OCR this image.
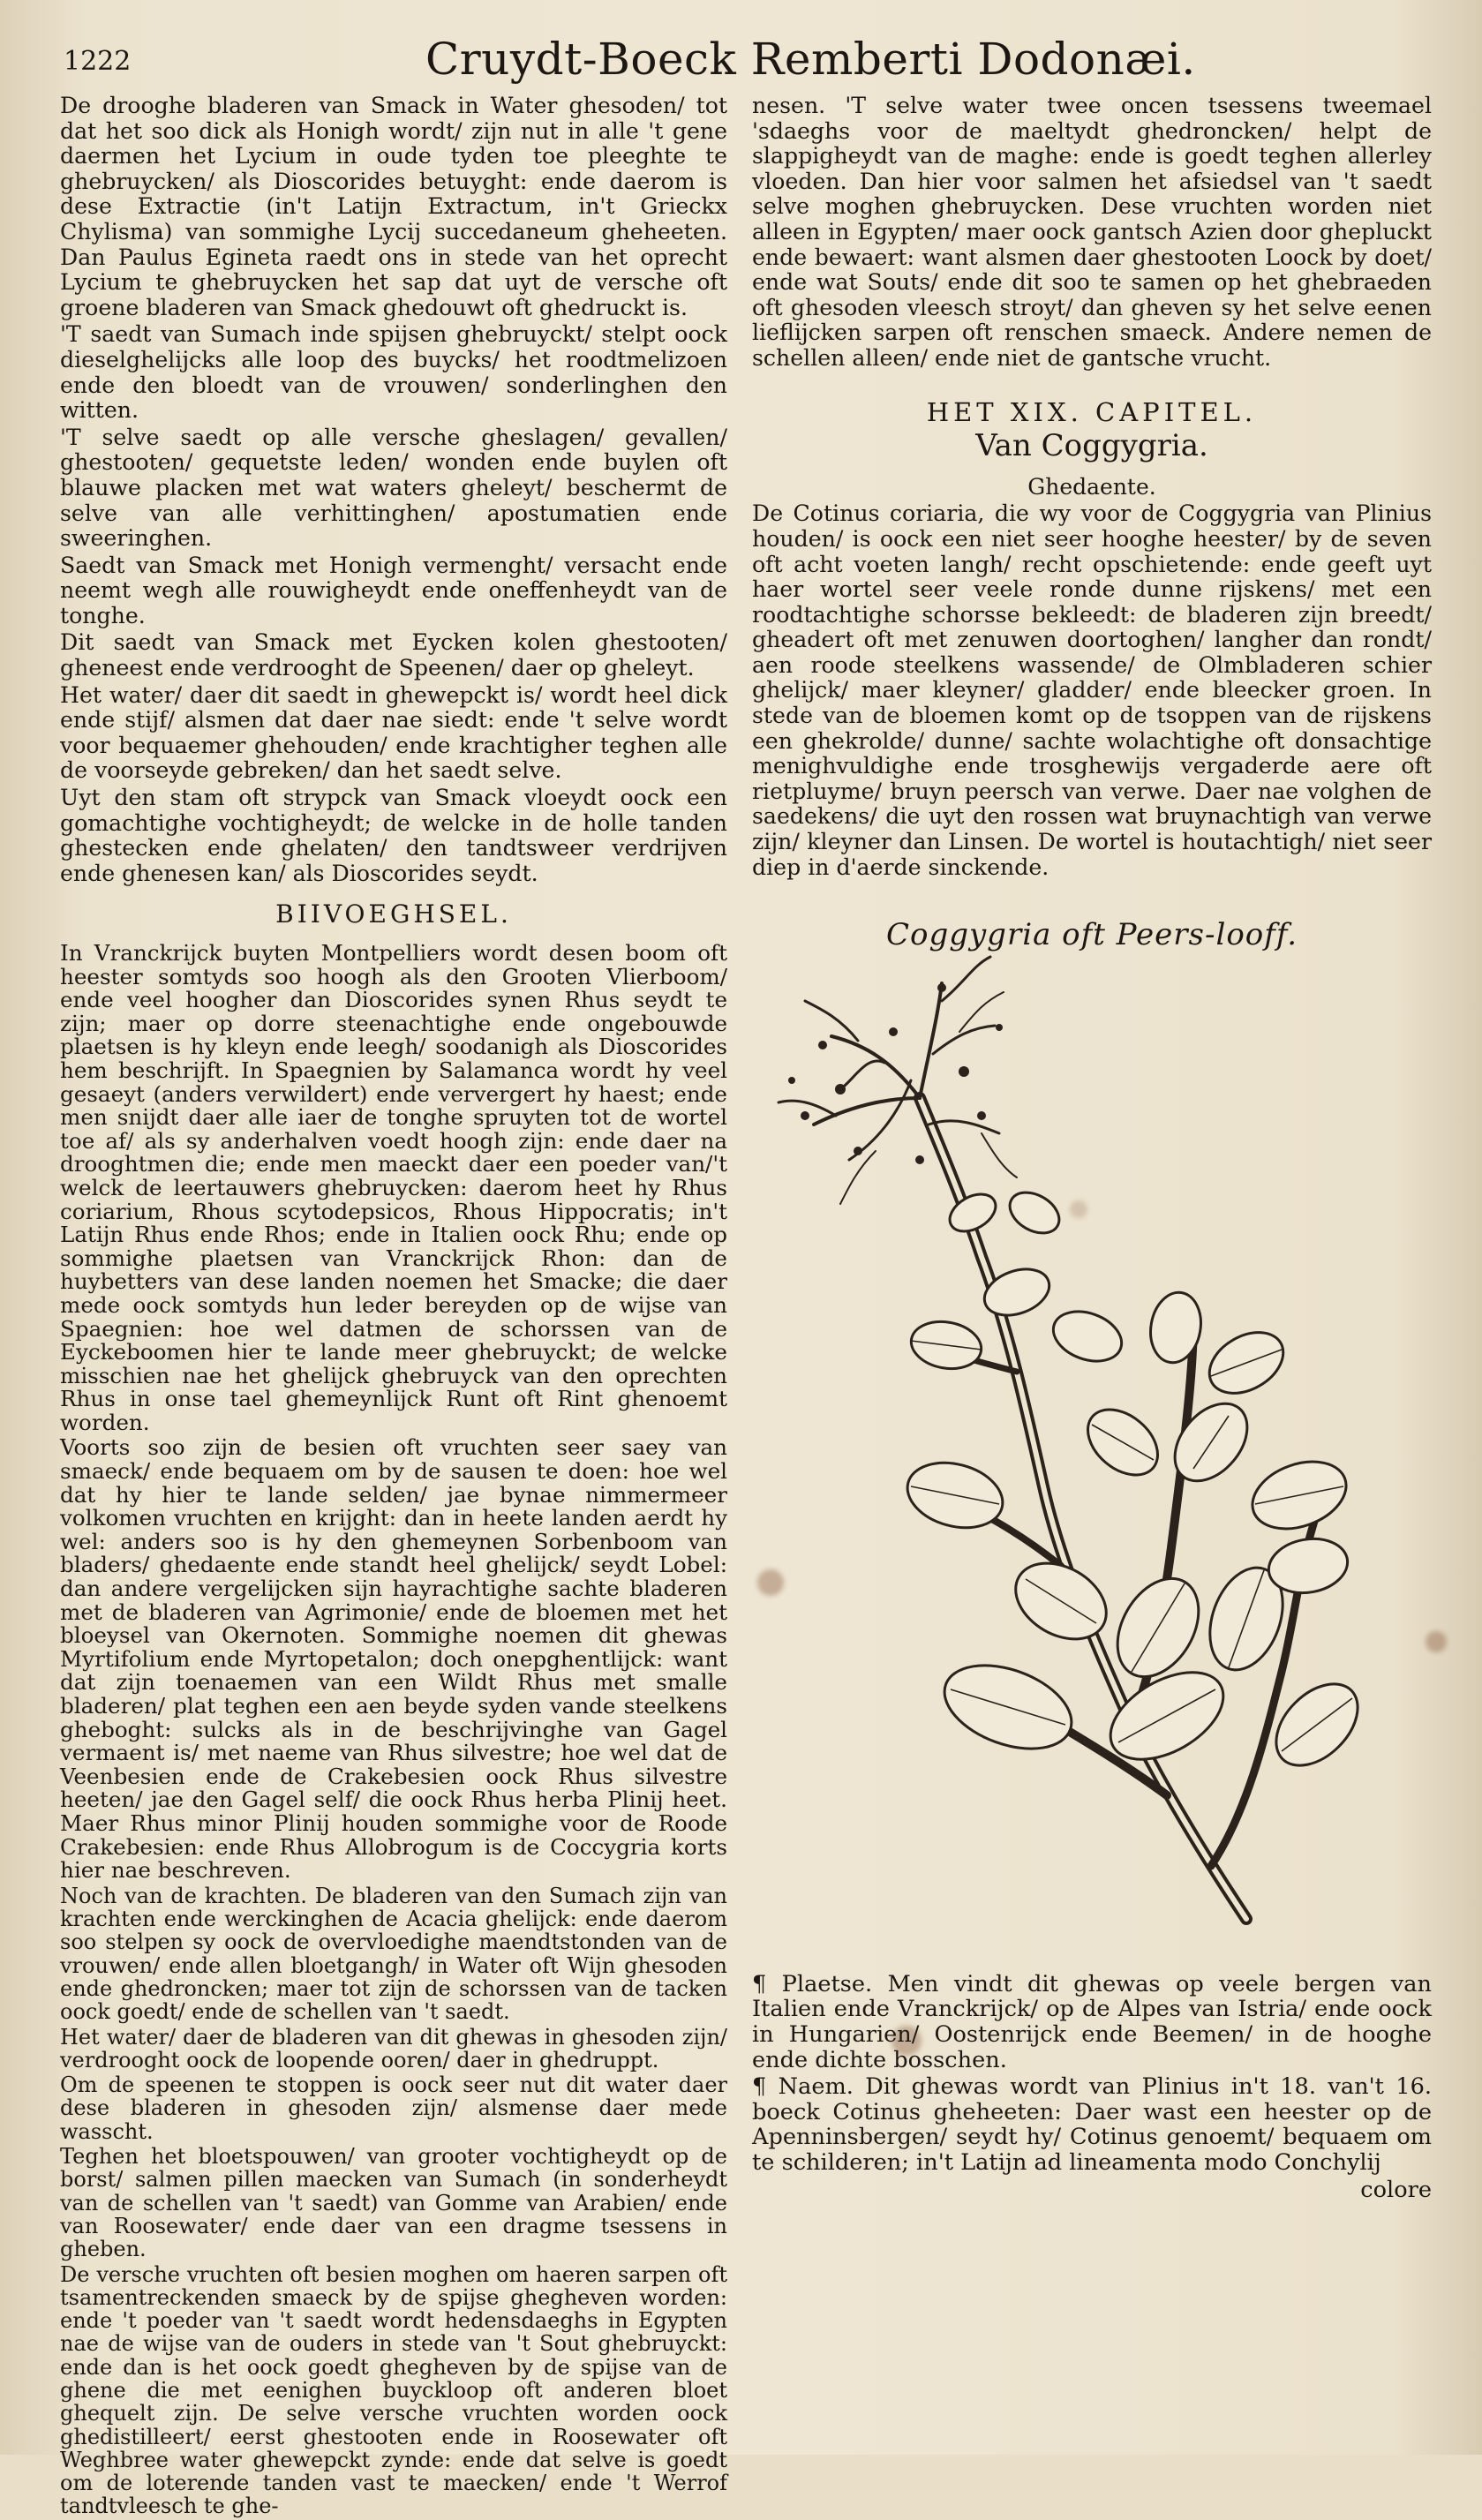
1222	Cruydt-Boeck Remberti Dodonæi.

De drooghe bladeren van Smack in Water ghesoden/ tot dat het soo dick als Honigh wordt/ zijn nut in alle 't gene daermen het Lycium in oude tyden toe pleeghte te ghebruycken/ als Dioscorides betuyght: ende daerom is dese Extractie (in't Latijn Extractum, in't Grieckx Chylisma) van sommighe Lycij succedaneum gheheeten. Dan Paulus Egineta raedt ons in stede van het oprecht Lycium te ghebruycken het sap dat uyt de versche oft groene bladeren van Smack ghedouwt oft ghedruckt is.

'T saedt van Sumach inde spijsen ghebruyckt/ stelpt oock dieselghelijcks alle loop des buycks/ het roodtmelizoen ende den bloedt van de vrouwen/ sonderlinghen den witten.

'T selve saedt op alle versche gheslagen/ gevallen/ ghestooten/ gequetste leden/ wonden ende buylen oft blauwe placken met wat waters gheleyt/ beschermt de selve van alle verhittinghen/ apostumatien ende sweeringhen.

Saedt van Smack met Honigh vermenght/ versacht ende neemt wegh alle rouwigheydt ende oneffenheydt van de tonghe.

Dit saedt van Smack met Eycken kolen ghestooten/ gheneest ende verdrooght de Speenen/ daer op gheleyt.

Het water/ daer dit saedt in ghewepckt is/ wordt heel dick ende stijf/ alsmen dat daer nae siedt: ende 't selve wordt voor bequaemer ghehouden/ ende krachtigher teghen alle de voorseyde gebreken/ dan het saedt selve.

Uyt den stam oft strypck van Smack vloeydt oock een gomachtighe vochtigheydt; de welcke in de holle tanden ghestecken ende ghelaten/ den tandtsweer verdrijven ende ghenesen kan/ als Dioscorides seydt.

BIIVOEGHSEL.

In Vranckrijck buyten Montpelliers wordt desen boom oft heester somtyds soo hoogh als den Grooten Vlierboom/ ende veel hoogher dan Dioscorides synen Rhus seydt te zijn; maer op dorre steenachtighe ende ongebouwde plaetsen is hy kleyn ende leegh/ soodanigh als Dioscorides hem beschrijft. In Spaegnien by Salamanca wordt hy veel gesaeyt (anders verwildert) ende ververgert hy haest; ende men snijdt daer alle iaer de tonghe spruyten tot de wortel toe af/ als sy anderhalven voedt hoogh zijn: ende daer na drooghtmen die; ende men maeckt daer een poeder van/'t welck de leertauwers ghebruycken: daerom heet hy Rhus coriarium, Rhous scytodepsicos, Rhous Hippocratis; in't Latijn Rhus ende Rhos; ende in Italien oock Rhu; ende op sommighe plaetsen van Vranckrijck Rhon: dan de huybetters van dese landen noemen het Smacke; die daer mede oock somtyds hun leder bereyden op de wijse van Spaegnien: hoe wel datmen de schorssen van de Eyckeboomen hier te lande meer ghebruyckt; de welcke misschien nae het ghelijck ghebruyck van den oprechten Rhus in onse tael ghemeynlijck Runt oft Rint ghenoemt worden.

Voorts soo zijn de besien oft vruchten seer saey van smaeck/ ende bequaem om by de sausen te doen: hoe wel dat hy hier te lande selden/ jae bynae nimmermeer volkomen vruchten en krijght: dan in heete landen aerdt hy wel: anders soo is hy den ghemeynen Sorbenboom van bladers/ ghedaente ende standt heel ghelijck/ seydt Lobel: dan andere vergelijcken sijn hayrachtighe sachte bladeren met de bladeren van Agrimonie/ ende de bloemen met het bloeysel van Okernoten. Sommighe noemen dit ghewas Myrtifolium ende Myrtopetalon; doch onepghentlijck: want dat zijn toenaemen van een Wildt Rhus met smalle bladeren/ plat teghen een aen beyde syden vande steelkens gheboght: sulcks als in de beschrijvinghe van Gagel vermaent is/ met naeme van Rhus silvestre; hoe wel dat de Veenbesien ende de Crakebesien oock Rhus silvestre heeten/ jae den Gagel self/ die oock Rhus herba Plinij heet. Maer Rhus minor Plinij houden sommighe voor de Roode Crakebesien: ende Rhus Allobrogum is de Coccygria korts hier nae beschreven.

Noch van de krachten. De bladeren van den Sumach zijn van krachten ende werckinghen de Acacia ghelijck: ende daerom soo stelpen sy oock de overvloedighe maendtstonden van de vrouwen/ ende allen bloetgangh/ in Water oft Wijn ghesoden ende ghedroncken; maer tot zijn de schorssen van de tacken oock goedt/ ende de schellen van 't saedt.

Het water/ daer de bladeren van dit ghewas in ghesoden zijn/ verdrooght oock de loopende ooren/ daer in ghedruppt.

Om de speenen te stoppen is oock seer nut dit water daer dese bladeren in ghesoden zijn/ alsmense daer mede wasscht.

Teghen het bloetspouwen/ van grooter vochtigheydt op de borst/ salmen pillen maecken van Sumach (in sonderheydt van de schellen van 't saedt) van Gomme van Arabien/ ende van Roosewater/ ende daer van een dragme tsessens in gheben.

De versche vruchten oft besien moghen om haeren sarpen oft tsamentreckenden smaeck by de spijse ghegheven worden: ende 't poeder van 't saedt wordt hedensdaeghs in Egypten nae de wijse van de ouders in stede van 't Sout ghebruyckt: ende dan is het oock goedt ghegheven by de spijse van de ghene die met eenighen buyckloop oft anderen bloet ghequelt zijn. De selve versche vruchten worden oock ghedistilleert/ eerst ghestooten ende in Roosewater oft Weghbree water ghewepckt zynde: ende dat selve is goedt om de loterende tanden vast te maecken/ ende 't Werrof tandtvleesch te ghe-

nesen. 'T selve water twee oncen tsessens tweemael 'sdaeghs voor de maeltydt ghedroncken/ helpt de slappigheydt van de maghe: ende is goedt teghen allerley vloeden. Dan hier voor salmen het afsiedsel van 't saedt selve moghen ghebruycken. Dese vruchten worden niet alleen in Egypten/ maer oock gantsch Azien door ghepluckt ende bewaert: want alsmen daer ghestooten Loock by doet/ ende wat Souts/ ende dit soo te samen op het ghebraeden oft ghesoden vleesch stroyt/ dan gheven sy het selve eenen lieflijcken sarpen oft renschen smaeck. Andere nemen de schellen alleen/ ende niet de gantsche vrucht.

HET XIX. CAPITEL.
Van Coggygria.
Ghedaente.

De Cotinus coriaria, die wy voor de Coggygria van Plinius houden/ is oock een niet seer hooghe heester/ by de seven oft acht voeten langh/ recht opschietende: ende geeft uyt haer wortel seer veele ronde dunne rijskens/ met een roodtachtighe schorsse bekleedt: de bladeren zijn breedt/ gheadert oft met zenuwen doortoghen/ langher dan rondt/ aen roode steelkens wassende/ de Olmbladeren schier ghelijck/ maer kleyner/ gladder/ ende bleecker groen. In stede van de bloemen komt op de tsoppen van de rijskens een ghekrolde/ dunne/ sachte wolachtighe oft donsachtige menighvuldighe ende trosghewijs vergaderde aere oft rietpluyme/ bruyn peersch van verwe. Daer nae volghen de saedekens/ die uyt den rossen wat bruynachtigh van verwe zijn/ kleyner dan Linsen. De wortel is houtachtigh/ niet seer diep in d'aerde sinckende.

Coggygria oft Peers-looff.

¶ Plaetse. Men vindt dit ghewas op veele bergen van Italien ende Vranckrijck/ op de Alpes van Istria/ ende oock in Hungarien/ Oostenrijck ende Beemen/ in de hooghe ende dichte bosschen.

¶ Naem. Dit ghewas wordt van Plinius in't 18. van't 16. boeck Cotinus gheheeten: Daer wast een heester op de Apenninsbergen/ seydt hy/ Cotinus genoemt/ bequaem om te schilderen; in't Latijn ad lineamenta modo Conchylij

colore
